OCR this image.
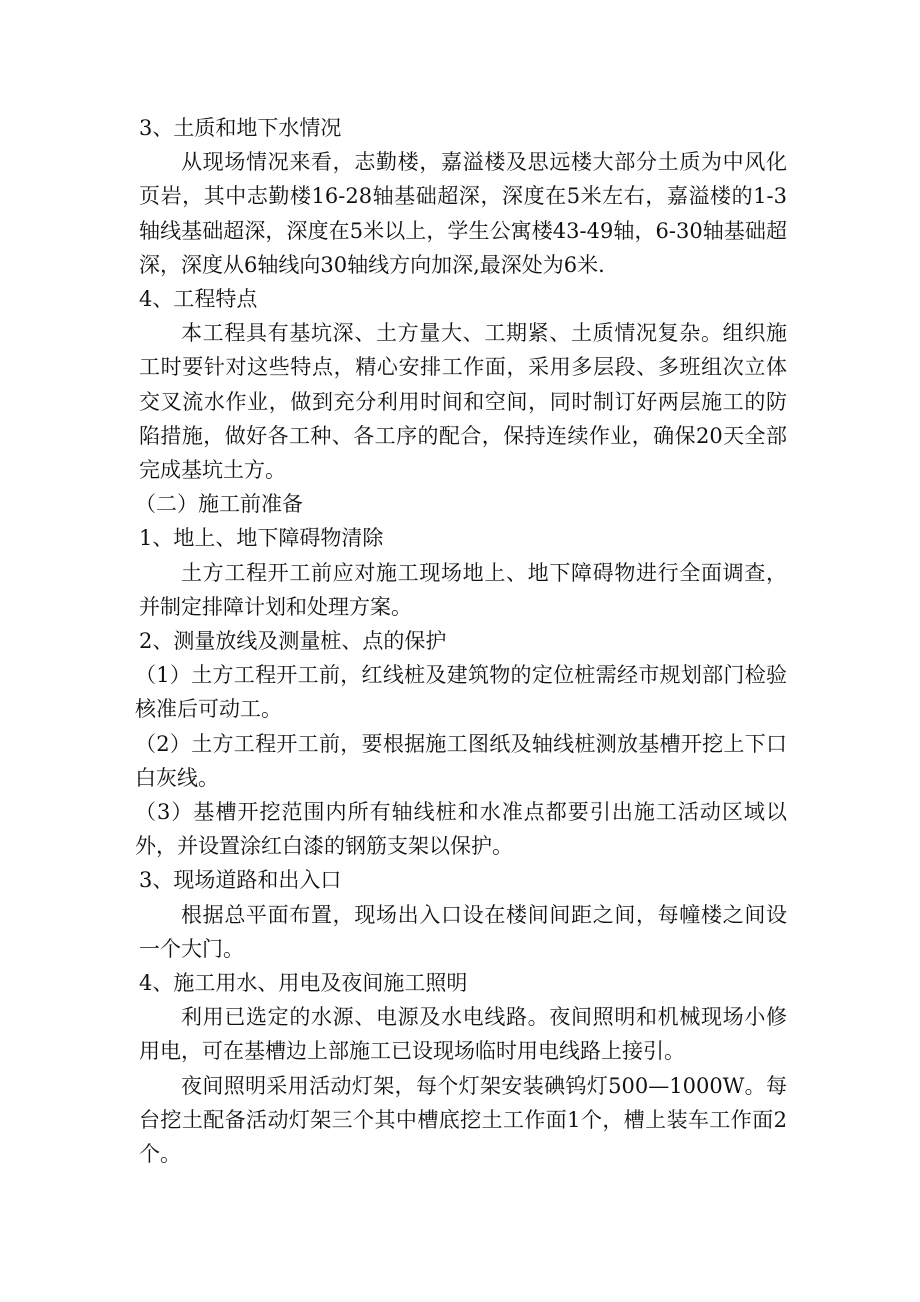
3、土质和地下水情况

从现场情况来看，志勤楼，嘉溢楼及思远楼大部分土质为中风化页岩，其中志勤楼16-28轴基础超深，深度在5米左右，嘉溢楼的1-3轴线基础超深，深度在5米以上，学生公寓楼43-49轴，6-30轴基础超深，深度从6轴线向30轴线方向加深,最深处为6米.

4、工程特点

本工程具有基坑深、土方量大、工期紧、土质情况复杂。组织施工时要针对这些特点，精心安排工作面，采用多层段、多班组次立体交叉流水作业，做到充分利用时间和空间，同时制订好两层施工的防陷措施，做好各工种、各工序的配合，保持连续作业，确保20天全部完成基坑土方。

（二）施工前准备

1、地上、地下障碍物清除

土方工程开工前应对施工现场地上、地下障碍物进行全面调查，并制定排障计划和处理方案。

2、测量放线及测量桩、点的保护

（1）土方工程开工前，红线桩及建筑物的定位桩需经市规划部门检验核准后可动工。

（2）土方工程开工前，要根据施工图纸及轴线桩测放基槽开挖上下口白灰线。

（3）基槽开挖范围内所有轴线桩和水准点都要引出施工活动区域以外，并设置涂红白漆的钢筋支架以保护。

3、现场道路和出入口

根据总平面布置，现场出入口设在楼间间距之间，每幢楼之间设一个大门。

4、施工用水、用电及夜间施工照明

利用已选定的水源、电源及水电线路。夜间照明和机械现场小修用电，可在基槽边上部施工已设现场临时用电线路上接引。

夜间照明采用活动灯架，每个灯架安装碘钨灯500—1000W。每台挖土配备活动灯架三个其中槽底挖土工作面1个，槽上装车工作面2个。
